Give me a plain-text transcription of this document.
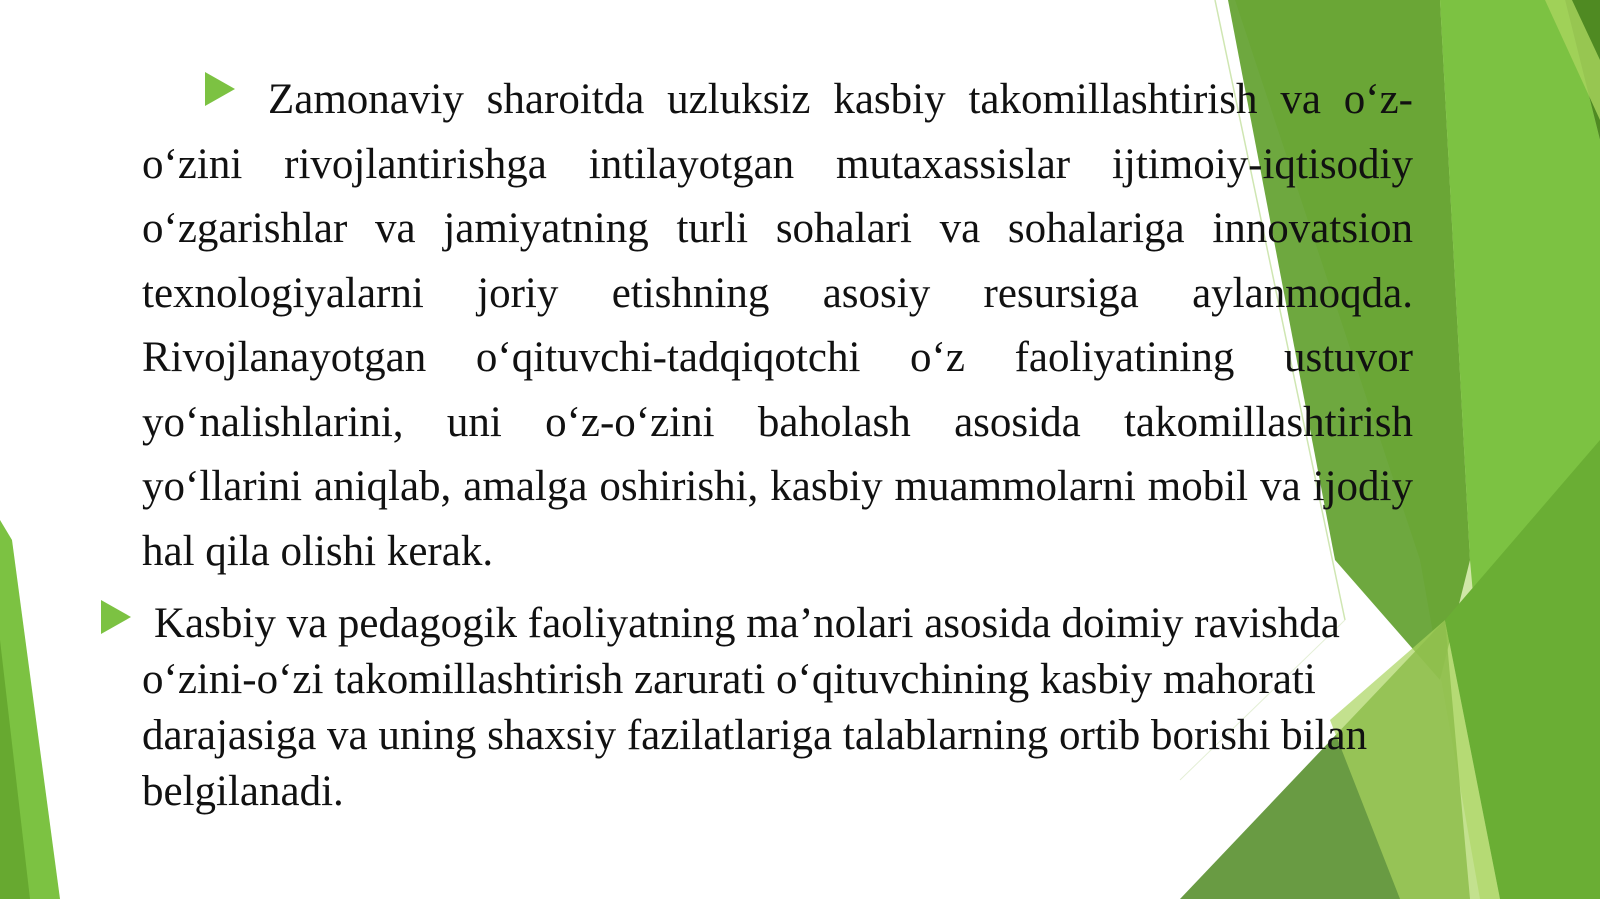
Zamonaviy sharoitda uzluksiz kasbiy takomillashtirish va o‘z-o‘zini rivojlantirishga intilayotgan mutaxassislar ijtimoiy-iqtisodiy o‘zgarishlar va jamiyatning turli sohalari va sohalariga innovatsion texnologiyalarni joriy etishning asosiy resursiga aylanmoqda. Rivojlanayotgan o‘qituvchi-tadqiqotchi o‘z faoliyatining ustuvor yo‘nalishlarini, uni o‘z-o‘zini baholash asosida takomillashtirish yo‘llarini aniqlab, amalga oshirishi, kasbiy muammolarni mobil va ijodiy hal qila olishi kerak.

Kasbiy va pedagogik faoliyatning ma’nolari asosida doimiy ravishda o‘zini-o‘zi takomillashtirish zarurati o‘qituvchining kasbiy mahorati darajasiga va uning shaxsiy fazilatlariga talablarning ortib borishi bilan belgilanadi.
